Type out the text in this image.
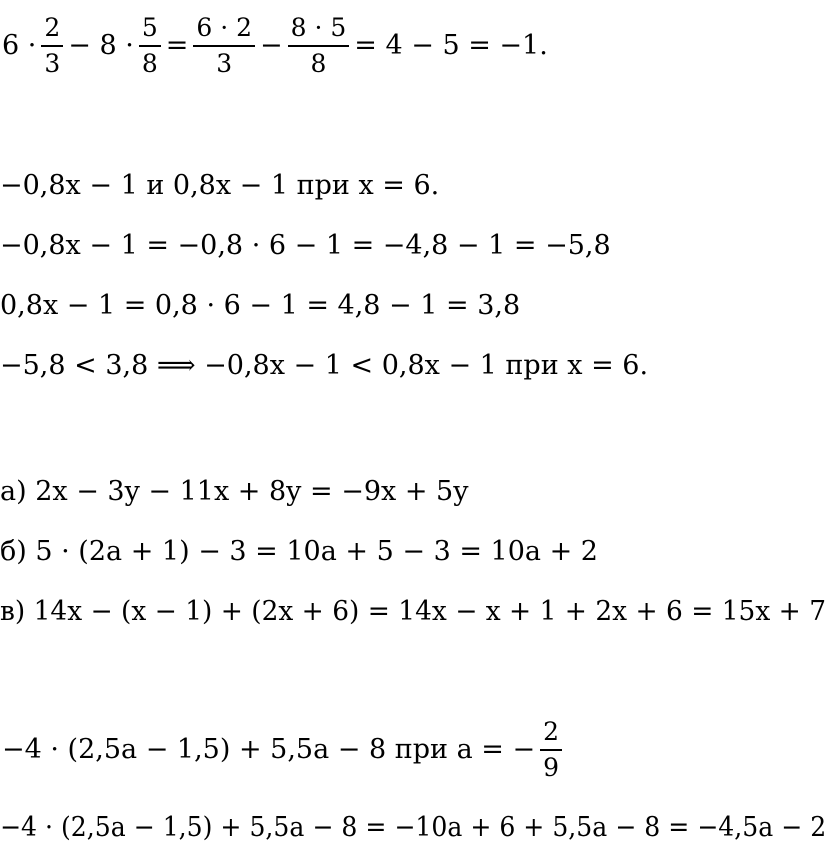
$6 \cdot \frac{2}{3} - 8 \cdot \frac{5}{8} = \frac{6 \cdot 2}{3} - \frac{8 \cdot 5}{8} = 4 - 5 = -1$.
−0,8x − 1 и 0,8x − 1 при x = 6.
−0,8x − 1 = −0,8 · 6 − 1 = −4,8 − 1 = −5,8
0,8x − 1 = 0,8 · 6 − 1 = 4,8 − 1 = 3,8
−5,8 < 3,8 ⟹ −0,8x − 1 < 0,8x − 1 при x = 6.
а) 2x − 3y − 11x + 8y = −9x + 5y
б) 5 · (2a + 1) − 3 = 10a + 5 − 3 = 10a + 2
в) 14x − (x − 1) + (2x + 6) = 14x − x + 1 + 2x + 6 = 15x + 7
−4 · (2,5a − 1,5) + 5,5a − 8 при a = − $\frac{2}{9}$
−4 · (2,5a − 1,5) + 5,5a − 8 = −10a + 6 + 5,5a − 8 = −4,5a − 2
